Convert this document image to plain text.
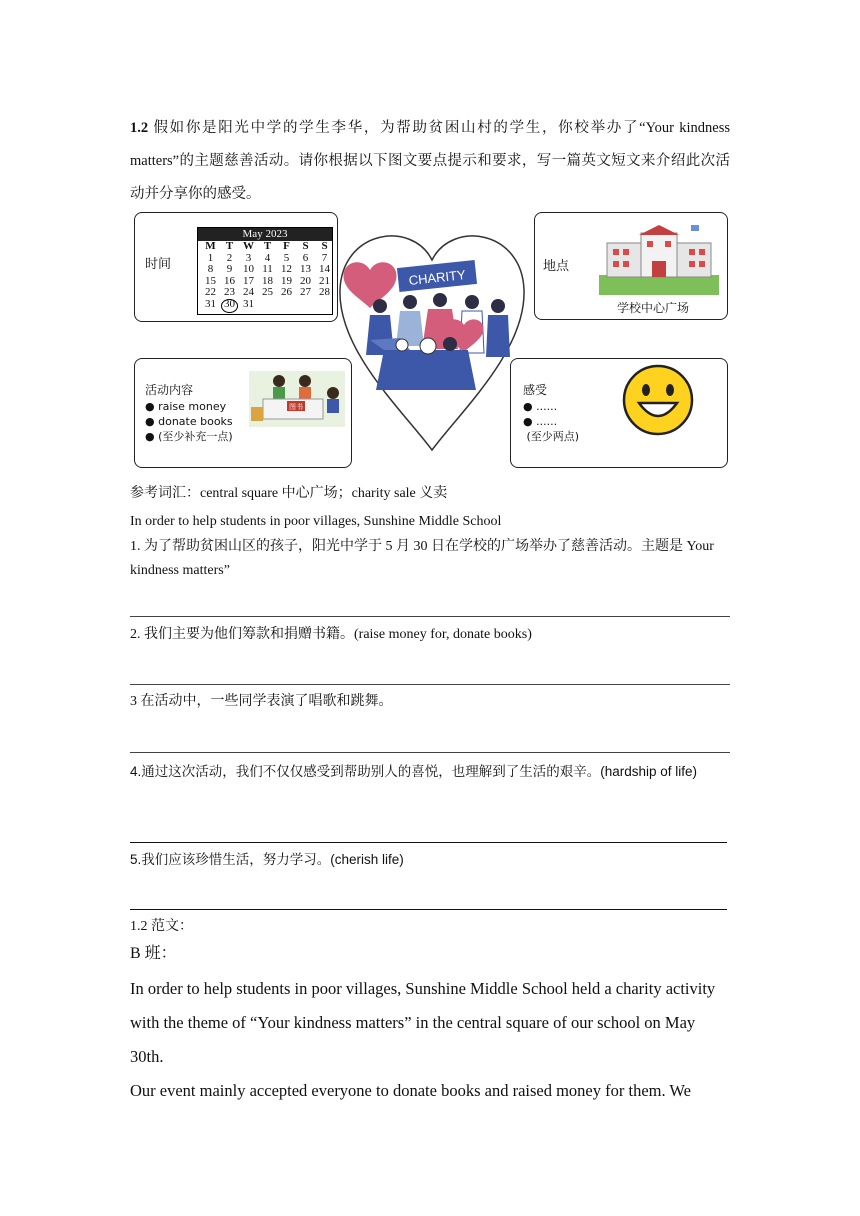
1.2 假如你是阳光中学的学生李华，为帮助贫困山村的学生，你校举办了“Your kindness matters”的主题慈善活动。请你根据以下图文要点提示和要求，写一篇英文短文来介绍此次活动并分享你的感受。
时间
May 2023
M T W T	F	S	S
1	2	3	4	5	6	7
8	9 10 11 12 13 14
15 16 17 18 19 20 21
22 23 24 25 26 27 28
31 30 31
CHARITY
地点
学校中心广场
活动内容
● raise money
● donate books
● (至少补充一点)
图书
感受
● ......
● ......
(至少两点)
参考词汇：central square 中心广场；charity sale 义卖
In order to help students in poor villages, Sunshine Middle School
1. 为了帮助贫困山区的孩子，阳光中学于 5 月 30 日在学校的广场举办了慈善活动。主题是 Your kindness matters”
2. 我们主要为他们筹款和捐赠书籍。(raise money for, donate books)
3 在活动中，一些同学表演了唱歌和跳舞。
4.通过这次活动，我们不仅仅感受到帮助别人的喜悦，也理解到了生活的艰辛。(hardship of life)
5.我们应该珍惜生活，努力学习。(cherish life)
1.2 范文：
B 班：
In order to help students in poor villages, Sunshine Middle School held a charity activity with the theme of “Your kindness matters” in the central square of our school on May 30th.
Our event mainly accepted everyone to donate books and raised money for them. We
